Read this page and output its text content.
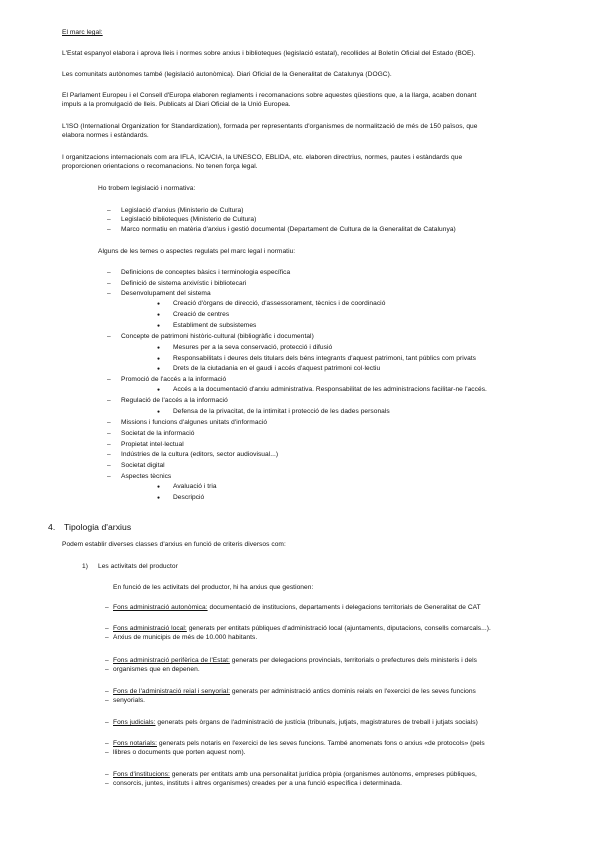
El marc legal:
L'Estat espanyol elabora i aprova lleis i normes sobre arxius i biblioteques (legislació estatal), recollides al Boletín Oficial del Estado (BOE).
Les comunitats autònomes també (legislació autonòmica). Diari Oficial de la Generalitat de Catalunya (DOGC).
El Parlament Europeu i el Consell d'Europa elaboren reglaments i recomanacions sobre aquestes qüestions que, a la llarga, acaben donant
impuls a la promulgació de lleis. Publicats al Diari Oficial de la Unió Europea.
L'ISO (International Organization for Standardization), formada per representants d'organismes de normalització de més de 150 països, que
elabora normes i estàndards.
I organitzacions internacionals com ara IFLA, ICA/CIA, la UNESCO, EBLIDA, etc. elaboren directrius, normes, pautes i estàndards que
proporcionen orientacions o recomanacions. No tenen força legal.
Ho trobem legislació i normativa:
– Legislació d'arxius (Ministerio de Cultura)
– Legislació biblioteques (Ministerio de Cultura)
– Marco normatiu en matèria d'arxius i gestió documental (Departament de Cultura de la Generalitat de Catalunya)
Alguns de les temes o aspectes regulats pel marc legal i normatiu:
– Definicions de conceptes bàsics i terminologia específica
– Definició de sistema arxivístic i bibliotecari
– Desenvolupament del sistema
● Creació d'òrgans de direcció, d'assessorament, tècnics i de coordinació
● Creació de centres
● Establiment de subsistemes
– Concepte de patrimoni històric-cultural (bibliogràfic i documental)
● Mesures per a la seva conservació, protecció i difusió
● Responsabilitats i deures dels titulars dels béns integrants d'aquest patrimoni, tant públics com privats
● Drets de la ciutadania en el gaudi i accés d'aquest patrimoni col·lectiu
– Promoció de l'accés a la informació
● Accés a la documentació d'arxiu administrativa. Responsabilitat de les administracions facilitar-ne l'accés.
– Regulació de l'accés a la informació
● Defensa de la privacitat, de la intimitat i protecció de les dades personals
– Missions i funcions d'algunes unitats d'informació
– Societat de la informació
– Propietat intel·lectual
– Indústries de la cultura (editors, sector audiovisual...)
– Societat digital
– Aspectes tècnics
● Avaluació i tria
● Descripció
4. Tipologia d'arxius
Podem establir diverses classes d'arxius en funció de criteris diversos com:
1) Les activitats del productor
En funció de les activitats del productor, hi ha arxius que gestionen:
– Fons administració autonòmica: documentació de institucions, departaments i delegacions territorials de Generalitat de CAT
– Fons administració local: generats per entitats públiques d'administració local (ajuntaments, diputacions, consells comarcals...).
– Arxius de municipis de més de 10.000 habitants.
– Fons administració perifèrica de l'Estat: generats per delegacions provincials, territorials o prefectures dels ministeris i dels
– organismes que en depenen.
– Fons de l'administració reial i senyorial: generats per administració antics dominis reials en l'exercici de les seves funcions
– senyorials.
– Fons judicials: generats pels òrgans de l'administració de justícia (tribunals, jutjats, magistratures de treball i jutjats socials)
– Fons notarials: generats pels notaris en l'exercici de les seves funcions. També anomenats fons o arxius «de protocols» (pels
– llibres o documents que porten aquest nom).
– Fons d'institucions: generats per entitats amb una personalitat jurídica pròpia (organismes autònoms, empreses públiques,
– consorcis, juntes, instituts i altres organismes) creades per a una funció específica i determinada.
